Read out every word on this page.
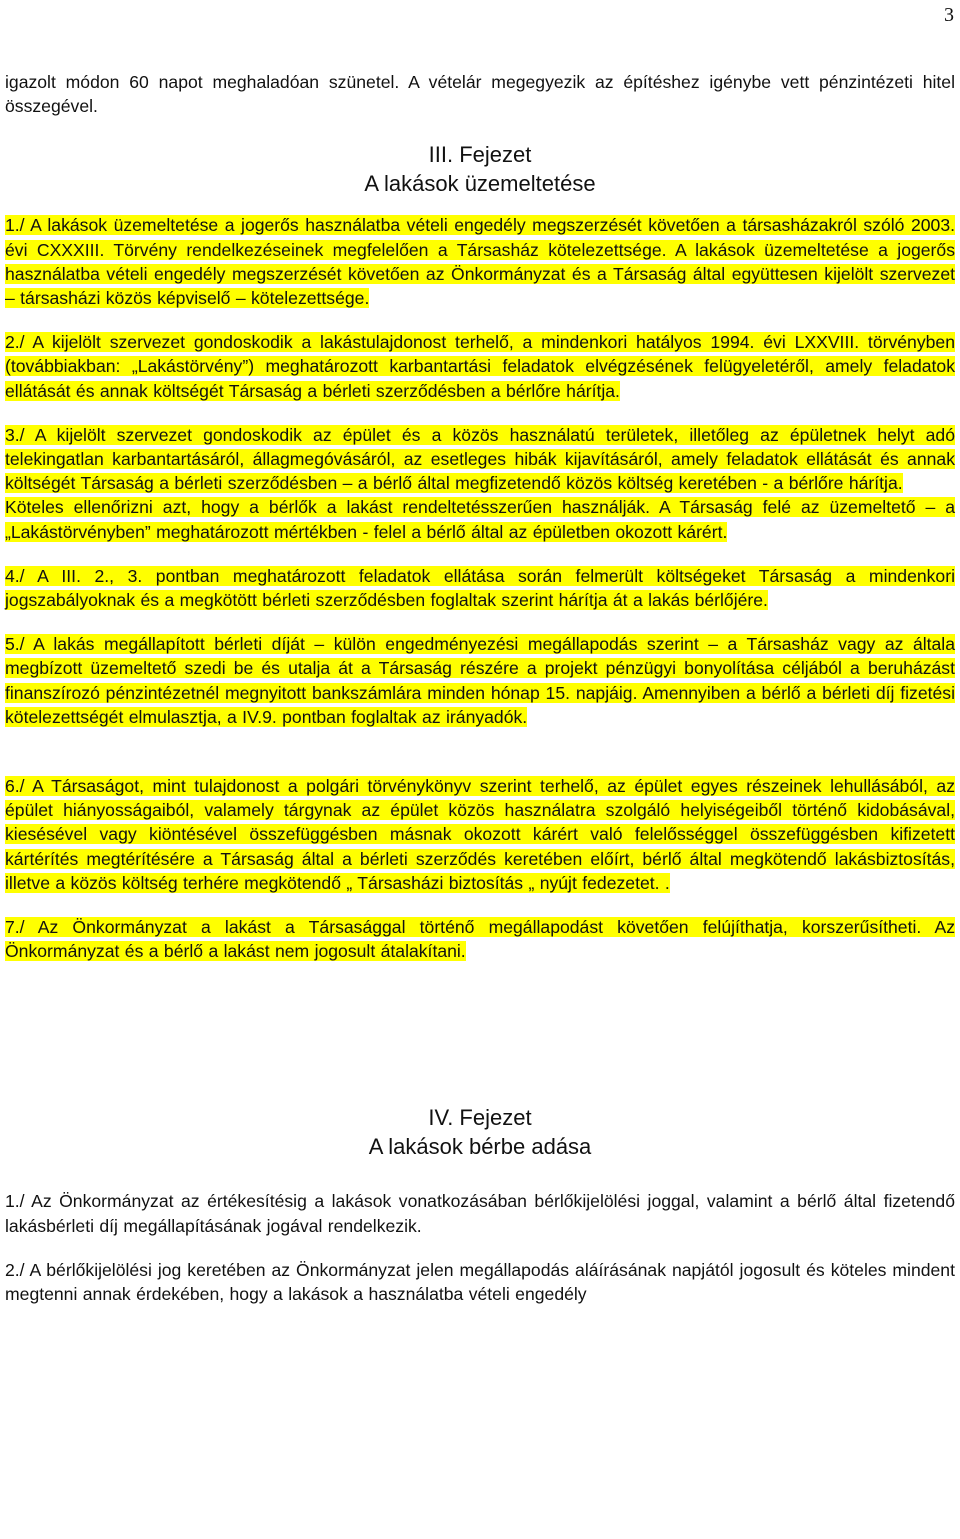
3

igazolt módon 60 napot meghaladóan szünetel. A vételár megegyezik az építéshez igénybe vett pénzintézeti hitel összegével.

III. Fejezet
A lakások üzemeltetése

1./ A lakások üzemeltetése a jogerős használatba vételi engedély megszerzését követően a társasházakról szóló 2003. évi CXXXIII. Törvény rendelkezéseinek megfelelően a Társasház kötelezettsége. A lakások üzemeltetése a jogerős használatba vételi engedély megszerzését követően az Önkormányzat és a Társaság által együttesen kijelölt szervezet – társasházi közös képviselő – kötelezettsége.

2./ A kijelölt szervezet gondoskodik a lakástulajdonost terhelő, a mindenkori hatályos 1994. évi LXXVIII. törvényben (továbbiakban: „Lakástörvény”) meghatározott karbantartási feladatok elvégzésének felügyeletéről, amely feladatok ellátását és annak költségét Társaság a bérleti szerződésben a bérlőre hárítja.

3./ A kijelölt szervezet gondoskodik az épület és a közös használatú területek, illetőleg az épületnek helyt adó telekingatlan karbantartásáról, állagmegóvásáról, az esetleges hibák kijavításáról, amely feladatok ellátását és annak költségét Társaság a bérleti szerződésben – a bérlő által megfizetendő közös költség keretében - a bérlőre hárítja.

Köteles ellenőrizni azt, hogy a bérlők a lakást rendeltetésszerűen használják. A Társaság felé az üzemeltető – a „Lakástörvényben” meghatározott mértékben - felel a bérlő által az épületben okozott kárért.

4./ A III. 2., 3. pontban meghatározott feladatok ellátása során felmerült költségeket Társaság a mindenkori jogszabályoknak és a megkötött bérleti szerződésben foglaltak szerint hárítja át a lakás bérlőjére.

5./ A lakás megállapított bérleti díját – külön engedményezési megállapodás szerint – a Társasház vagy az általa megbízott üzemeltető szedi be és utalja át a Társaság részére a projekt pénzügyi bonyolítása céljából a beruházást finanszírozó pénzintézetnél megnyitott bankszámlára minden hónap 15. napjáig. Amennyiben a bérlő a bérleti díj fizetési kötelezettségét elmulasztja, a IV.9. pontban foglaltak az irányadók.

6./ A Társaságot, mint tulajdonost a polgári törvénykönyv szerint terhelő, az épület egyes részeinek lehullásából, az épület hiányosságaiból, valamely tárgynak az épület közös használatra szolgáló helyiségeiből történő kidobásával, kiesésével vagy kiöntésével összefüggésben másnak okozott kárért való felelősséggel összefüggésben kifizetett kártérítés megtérítésére a Társaság által a bérleti szerződés keretében előírt, bérlő által megkötendő lakásbiztosítás, illetve a közös költség terhére megkötendő „ Társasházi biztosítás „ nyújt fedezetet. .

7./ Az Önkormányzat a lakást a Társasággal történő megállapodást követően felújíthatja, korszerűsítheti. Az Önkormányzat és a bérlő a lakást nem jogosult átalakítani.

IV. Fejezet
A lakások bérbe adása

1./ Az Önkormányzat az értékesítésig a lakások vonatkozásában bérlőkijelölési joggal, valamint a bérlő által fizetendő lakásbérleti díj megállapításának jogával rendelkezik.

2./ A bérlőkijelölési jog keretében az Önkormányzat jelen megállapodás aláírásának napjától jogosult és köteles mindent megtenni annak érdekében, hogy a lakások a használatba vételi engedély
